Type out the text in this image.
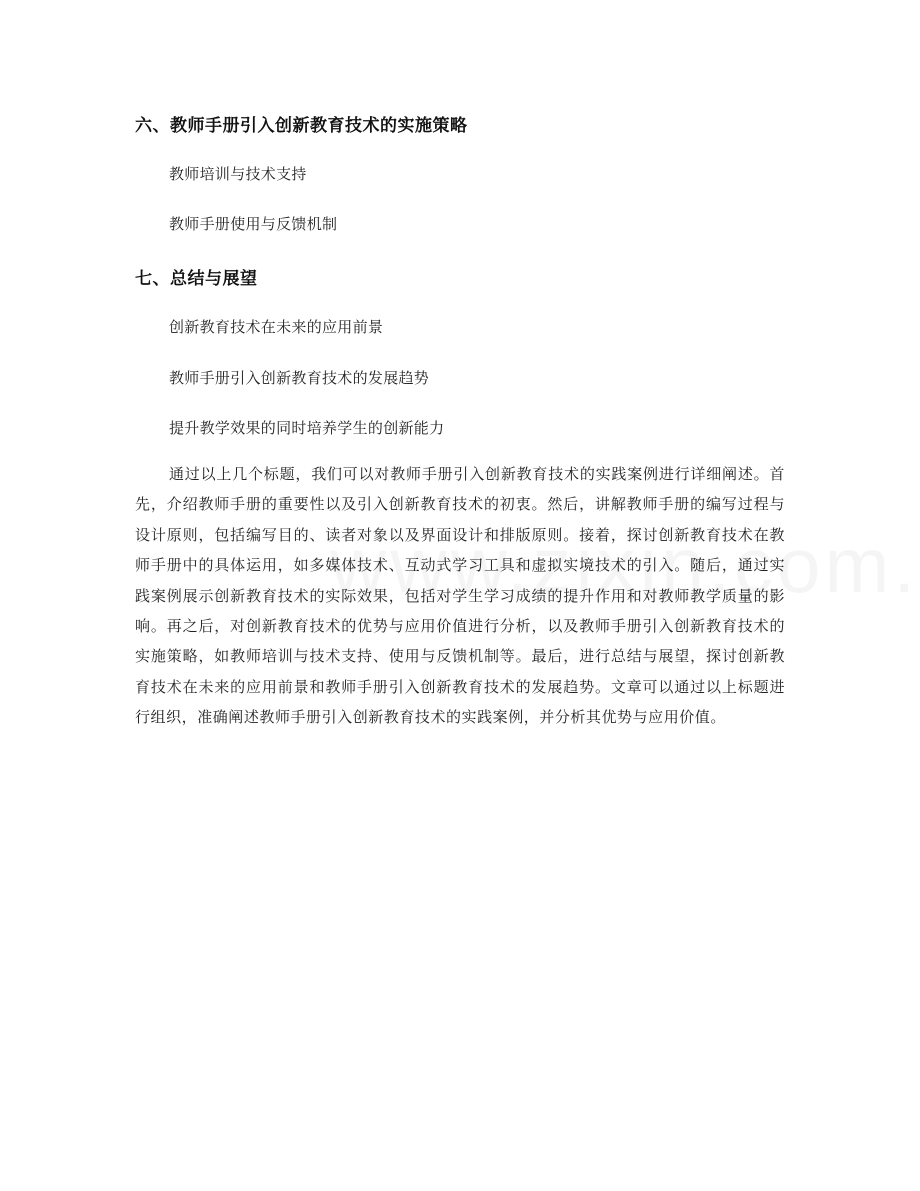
六、教师手册引入创新教育技术的实施策略
教师培训与技术支持
教师手册使用与反馈机制
七、总结与展望
创新教育技术在未来的应用前景
教师手册引入创新教育技术的发展趋势
提升教学效果的同时培养学生的创新能力

通过以上几个标题，我们可以对教师手册引入创新教育技术的实践案例进行详细阐述。首先，介绍教师手册的重要性以及引入创新教育技术的初衷。然后，讲解教师手册的编写过程与设计原则，包括编写目的、读者对象以及界面设计和排版原则。接着，探讨创新教育技术在教师手册中的具体运用，如多媒体技术、互动式学习工具和虚拟实境技术的引入。随后，通过实践案例展示创新教育技术的实际效果，包括对学生学习成绩的提升作用和对教师教学质量的影响。再之后，对创新教育技术的优势与应用价值进行分析，以及教师手册引入创新教育技术的实施策略，如教师培训与技术支持、使用与反馈机制等。最后，进行总结与展望，探讨创新教育技术在未来的应用前景和教师手册引入创新教育技术的发展趋势。文章可以通过以上标题进行组织，准确阐述教师手册引入创新教育技术的实践案例，并分析其优势与应用价值。
